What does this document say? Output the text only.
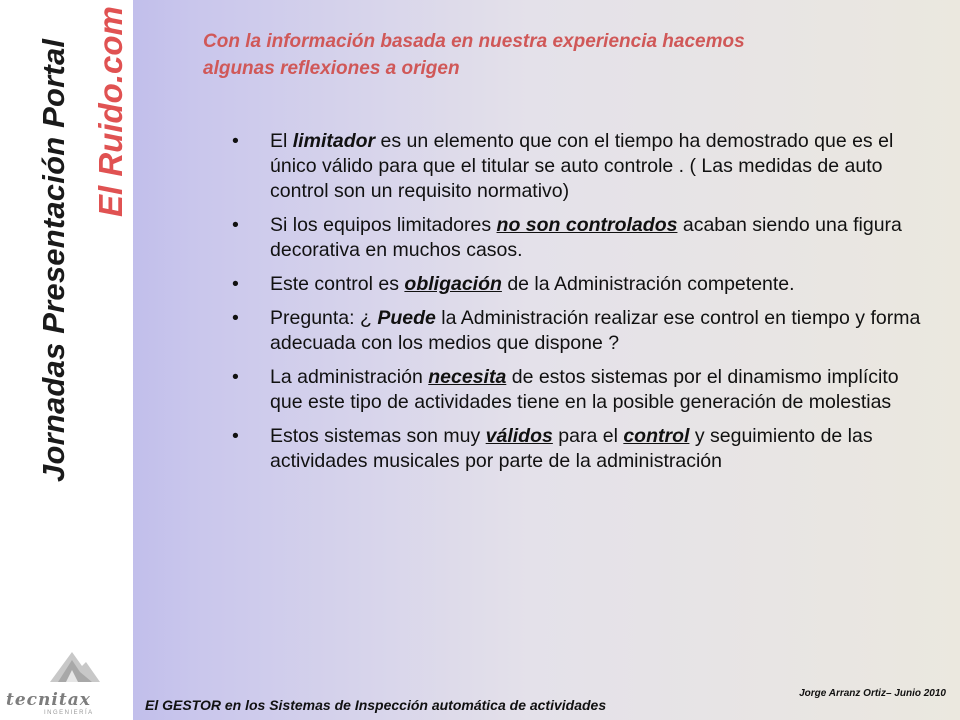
Jornadas Presentación Portal El Ruido.com
tecnitax
INGENIERÍA
Con la información basada en nuestra experiencia hacemos
algunas reflexiones a origen
• El limitador es un elemento que con el tiempo ha demostrado que es el único válido para que el titular se auto controle . ( Las medidas de auto control son un requisito normativo)
• Si los equipos limitadores no son controlados acaban siendo una figura decorativa en muchos casos.
• Este control es obligación de la Administración competente.
• Pregunta: ¿ Puede la Administración realizar ese control en tiempo y forma adecuada con los medios que dispone ?
• La administración necesita de estos sistemas por el dinamismo implícito que este tipo de actividades tiene en la posible generación de molestias
• Estos sistemas son muy válidos para el control y seguimiento de las actividades musicales por parte de la administración
El GESTOR en los Sistemas de Inspección automática de actividades
Jorge Arranz Ortiz– Junio 2010
